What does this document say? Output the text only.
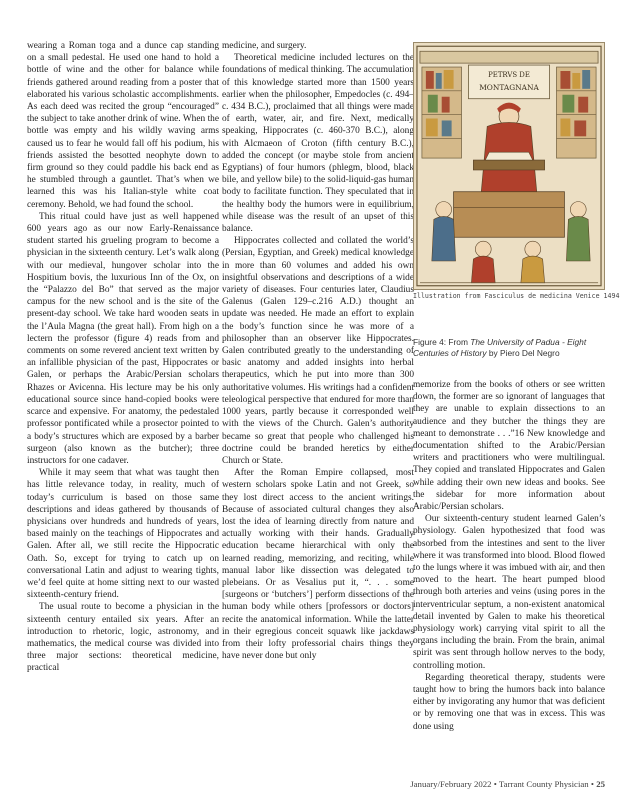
wearing a Roman toga and a dunce cap standing on a small pedestal. He used one hand to hold a bottle of wine and the other for balance while friends gathered around reading from a poster that elaborated his various scholastic accomplishments. As each deed was recited the group “encouraged” the subject to take another drink of wine. When the bottle was empty and his wildly waving arms caused us to fear he would fall off his podium, his friends assisted the besotted neophyte down to firm ground so they could paddle his back end as he stumbled through a gauntlet. That’s when we learned this was his Italian-style white coat ceremony. Behold, we had found the school.

This ritual could have just as well happened 600 years ago as our now Early-Renaissance student started his grueling program to become a physician in the sixteenth century. Let’s walk along with our medieval, hungover scholar into the Hospitium bovis, the luxurious Inn of the Ox, on the “Palazzo del Bo” that served as the major campus for the new school and is the site of the present-day school. We take hard wooden seats in the l’Aula Magna (the great hall). From high on a lectern the professor (figure 4) reads from and comments on some revered ancient text written by an infallible physician of the past, Hippocrates or Galen, or perhaps the Arabic/Persian scholars Rhazes or Avicenna. His lecture may be his only educational source since hand-copied books were scarce and expensive. For anatomy, the pedestaled professor pontificated while a prosector pointed to a body’s structures which are exposed by a barber surgeon (also known as the butcher); three instructors for one cadaver.

While it may seem that what was taught then has little relevance today, in reality, much of today’s curriculum is based on those same descriptions and ideas gathered by thousands of physicians over hundreds and hundreds of years, based mainly on the teachings of Hippocrates and Galen. After all, we still recite the Hippocratic Oath. So, except for trying to catch up on conversational Latin and adjust to wearing tights, we’d feel quite at home sitting next to our wasted sixteenth-century friend.

The usual route to become a physician in the sixteenth century entailed six years. After an introduction to rhetoric, logic, astronomy, and mathematics, the medical course was divided into three major sections: theoretical medicine, practical

medicine, and surgery.

Theoretical medicine included lectures on the foundations of medical thinking. The accumulation of this knowledge started more than 1500 years earlier when the philosopher, Empedocles (c. 494–c. 434 B.C.), proclaimed that all things were made of earth, water, air, and fire. Next, medically speaking, Hippocrates (c. 460-370 B.C.), along with Alcmaeon of Croton (fifth century B.C.), added the concept (or maybe stole from ancient Egyptians) of four humors (phlegm, blood, black bile, and yellow bile) to the solid-liquid-gas human body to facilitate function. They speculated that in the healthy body the humors were in equilibrium, while disease was the result of an upset of this balance.

Hippocrates collected and collated the world’s (Persian, Egyptian, and Greek) medical knowledge in more than 60 volumes and added his own insightful observations and descriptions of a wide variety of diseases. Four centuries later, Claudius Galenus (Galen 129–c.216 A.D.) thought an update was needed. He made an effort to explain the body’s function since he was more of a philosopher than an observer like Hippocrates. Galen contributed greatly to the understanding of basic anatomy and added insights into herbal therapeutics, which he put into more than 300 authoritative volumes. His writings had a confident teleological perspective that endured for more than 1000 years, partly because it corresponded well with the views of the Church. Galen’s authority became so great that people who challenged his doctrine could be branded heretics by either Church or State.

After the Roman Empire collapsed, most western scholars spoke Latin and not Greek, so they lost direct access to the ancient writings. Because of associated cultural changes they also lost the idea of learning directly from nature and actually working with their hands. Gradually education became hierarchical with only the learned reading, memorizing, and reciting, while manual labor like dissection was delegated to plebeians. Or as Vesalius put it, “. . . some [surgeons or ‘butchers’] perform dissections of the human body while others [professors or doctors] recite the anatomical information. While the latter in their egregious conceit squawk like jackdaws from their lofty professorial chairs things they have never done but only

PETRVS DE
MONTAGNANA
Illustration from Fasciculus de medicina Venice 1494
Figure 4: From The University of Padua - Eight Centuries of History by Piero Del Negro

memorize from the books of others or see written down, the former are so ignorant of languages that they are unable to explain dissections to an audience and they butcher the things they are meant to demonstrate . . .”16 New knowledge and documentation shifted to the Arabic/Persian writers and practitioners who were multilingual. They copied and translated Hippocrates and Galen while adding their own new ideas and books. See the sidebar for more information about Arabic/Persian scholars.

Our sixteenth-century student learned Galen’s physiology. Galen hypothesized that food was absorbed from the intestines and sent to the liver where it was transformed into blood. Blood flowed to the lungs where it was imbued with air, and then moved to the heart. The heart pumped blood through both arteries and veins (using pores in the interventricular septum, a non-existent anatomical detail invented by Galen to make his theoretical physiology work) carrying vital spirit to all the organs including the brain. From the brain, animal spirit was sent through hollow nerves to the body, controlling motion.

Regarding theoretical therapy, students were taught how to bring the humors back into balance either by invigorating any humor that was deficient or by removing one that was in excess. This was done using

January/February 2022 • Tarrant County Physician • 25
